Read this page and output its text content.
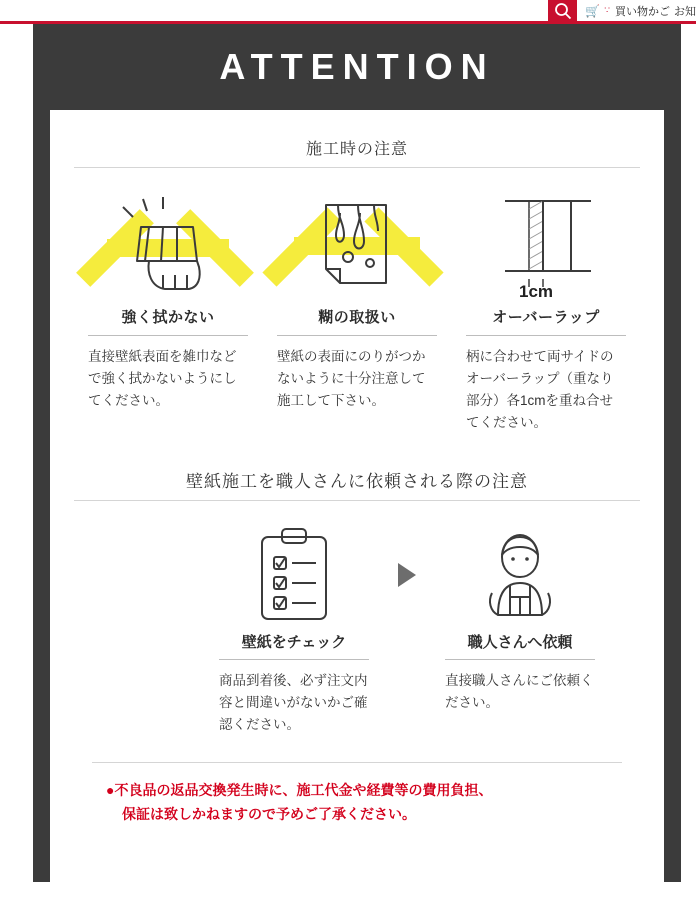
🛒 ∵ 買い物かご お知
ATTENTION
施工時の注意
強く拭かない
直接壁紙表面を雑巾などで強く拭かないようにしてください。
糊の取扱い
壁紙の表面にのりがつかないように十分注意して施工して下さい。
1cm
オーバーラップ
柄に合わせて両サイドのオーバーラップ（重なり部分）各1cmを重ね合せてください。
壁紙施工を職人さんに依頼される際の注意
壁紙をチェック
商品到着後、必ず注文内容と間違いがないかご確認ください。
職人さんへ依頼
直接職人さんにご依頼ください。
●不良品の返品交換発生時に、施工代金や経費等の費用負担、
保証は致しかねますので予めご了承ください。
